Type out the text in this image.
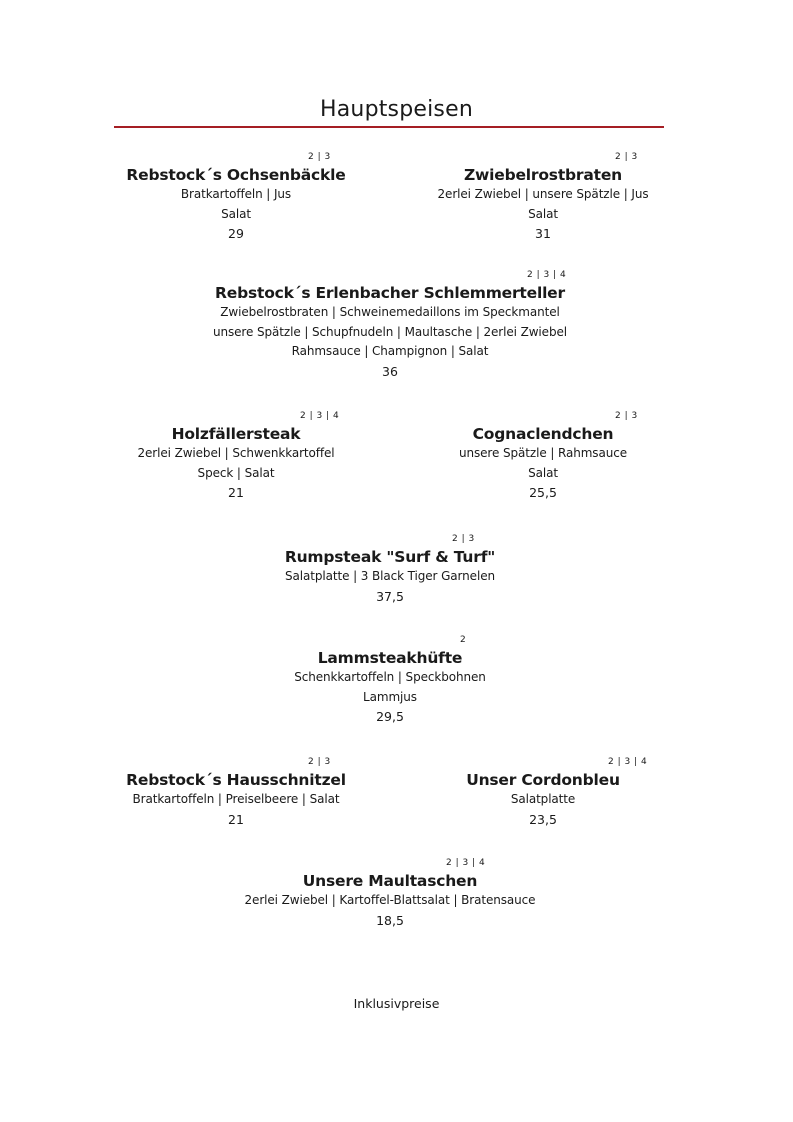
Hauptspeisen
2 | 3
Rebstock´s Ochsenbäckle
Bratkartoffeln | Jus
Salat
29
2 | 3
Zwiebelrostbraten
2erlei Zwiebel | unsere Spätzle | Jus
Salat
31
2 | 3 | 4
Rebstock´s Erlenbacher Schlemmerteller
Zwiebelrostbraten | Schweinemedaillons im Speckmantel
unsere Spätzle | Schupfnudeln | Maultasche | 2erlei Zwiebel
Rahmsauce | Champignon | Salat
36
2 | 3 | 4
Holzfällersteak
2erlei Zwiebel | Schwenkkartoffel
Speck | Salat
21
2 | 3
Cognaclendchen
unsere Spätzle | Rahmsauce
Salat
25,5
2 | 3
Rumpsteak "Surf & Turf"
Salatplatte | 3 Black Tiger Garnelen
37,5
2
Lammsteakhüfte
Schenkkartoffeln | Speckbohnen
Lammjus
29,5
2 | 3
Rebstock´s Hausschnitzel
Bratkartoffeln | Preiselbeere | Salat
21
2 | 3 | 4
Unser Cordonbleu
Salatplatte
23,5
2 | 3 | 4
Unsere Maultaschen
2erlei Zwiebel | Kartoffel-Blattsalat | Bratensauce
18,5
Inklusivpreise
